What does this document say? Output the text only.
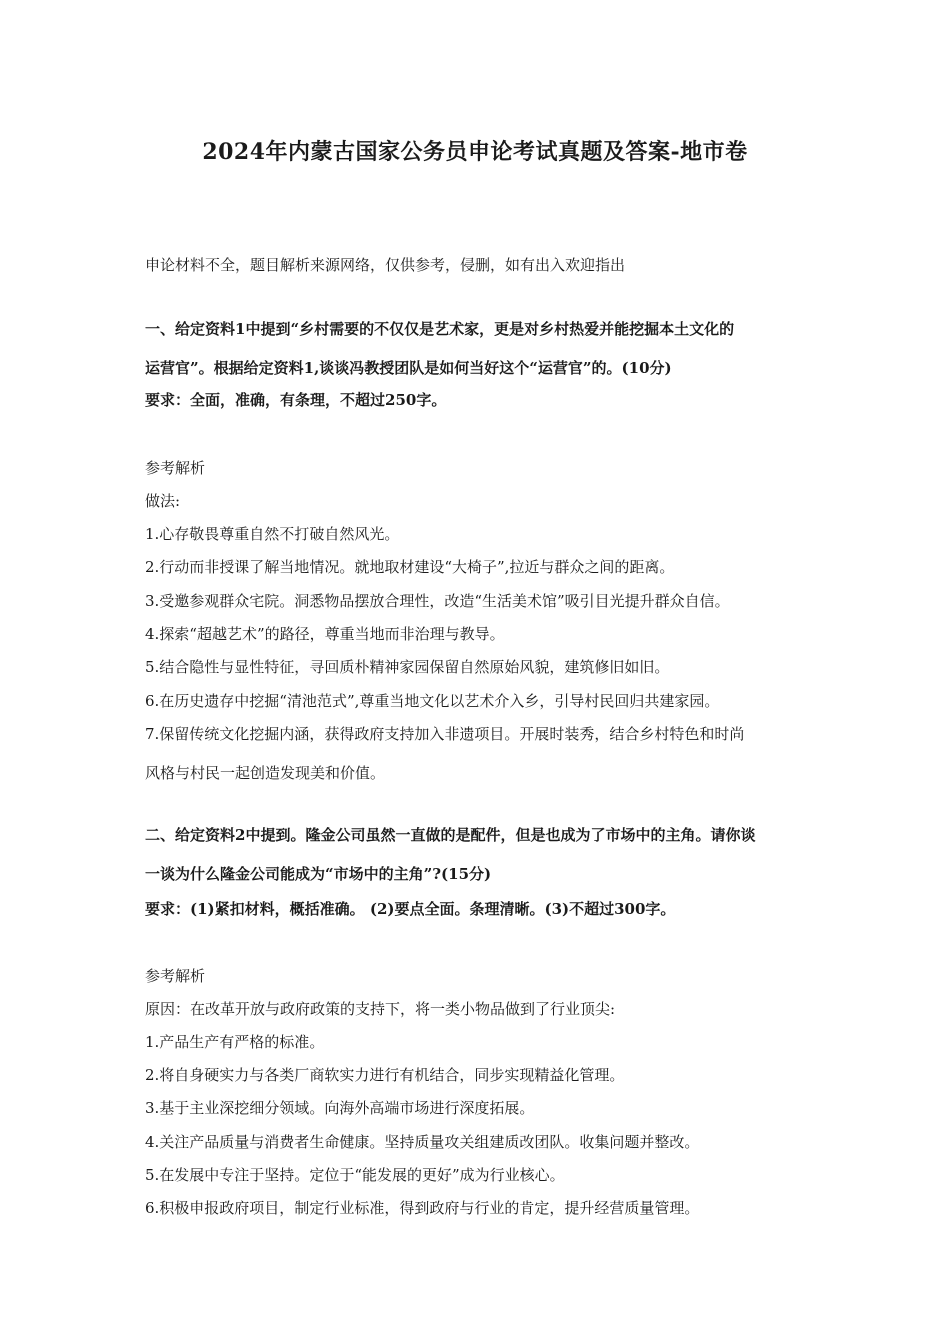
2024年内蒙古国家公务员申论考试真题及答案-地市卷
申论材料不全，题目解析来源网络，仅供参考，侵删，如有出入欢迎指出
一、给定资料1中提到“乡村需要的不仅仅是艺术家，更是对乡村热爱并能挖掘本土文化的
运营官”。根据给定资料1,谈谈冯教授团队是如何当好这个“运营官”的。(10分)
要求：全面，准确，有条理，不超过250字。
参考解析
做法:
1.心存敬畏尊重自然不打破自然风光。
2.行动而非授课了解当地情况。就地取材建设“大椅子”,拉近与群众之间的距离。
3.受邀参观群众宅院。洞悉物品摆放合理性，改造“生活美术馆”吸引目光提升群众自信。
4.探索“超越艺术”的路径，尊重当地而非治理与教导。
5.结合隐性与显性特征，寻回质朴精神家园保留自然原始风貌，建筑修旧如旧。
6.在历史遗存中挖掘“清池范式”,尊重当地文化以艺术介入乡，引导村民回归共建家园。
7.保留传统文化挖掘内涵，获得政府支持加入非遗项目。开展时装秀，结合乡村特色和时尚
风格与村民一起创造发现美和价值。
二、给定资料2中提到。隆金公司虽然一直做的是配件，但是也成为了市场中的主角。请你谈
一谈为什么隆金公司能成为“市场中的主角”?(15分)
要求：(1)紧扣材料，概括准确。 (2)要点全面。条理清晰。(3)不超过300字。
参考解析
原因：在改革开放与政府政策的支持下，将一类小物品做到了行业顶尖:
1.产品生产有严格的标准。
2.将自身硬实力与各类厂商软实力进行有机结合，同步实现精益化管理。
3.基于主业深挖细分领域。向海外高端市场进行深度拓展。
4.关注产品质量与消费者生命健康。坚持质量攻关组建质改团队。收集问题并整改。
5.在发展中专注于坚持。定位于“能发展的更好”成为行业核心。
6.积极申报政府项目，制定行业标准，得到政府与行业的肯定，提升经营质量管理。
